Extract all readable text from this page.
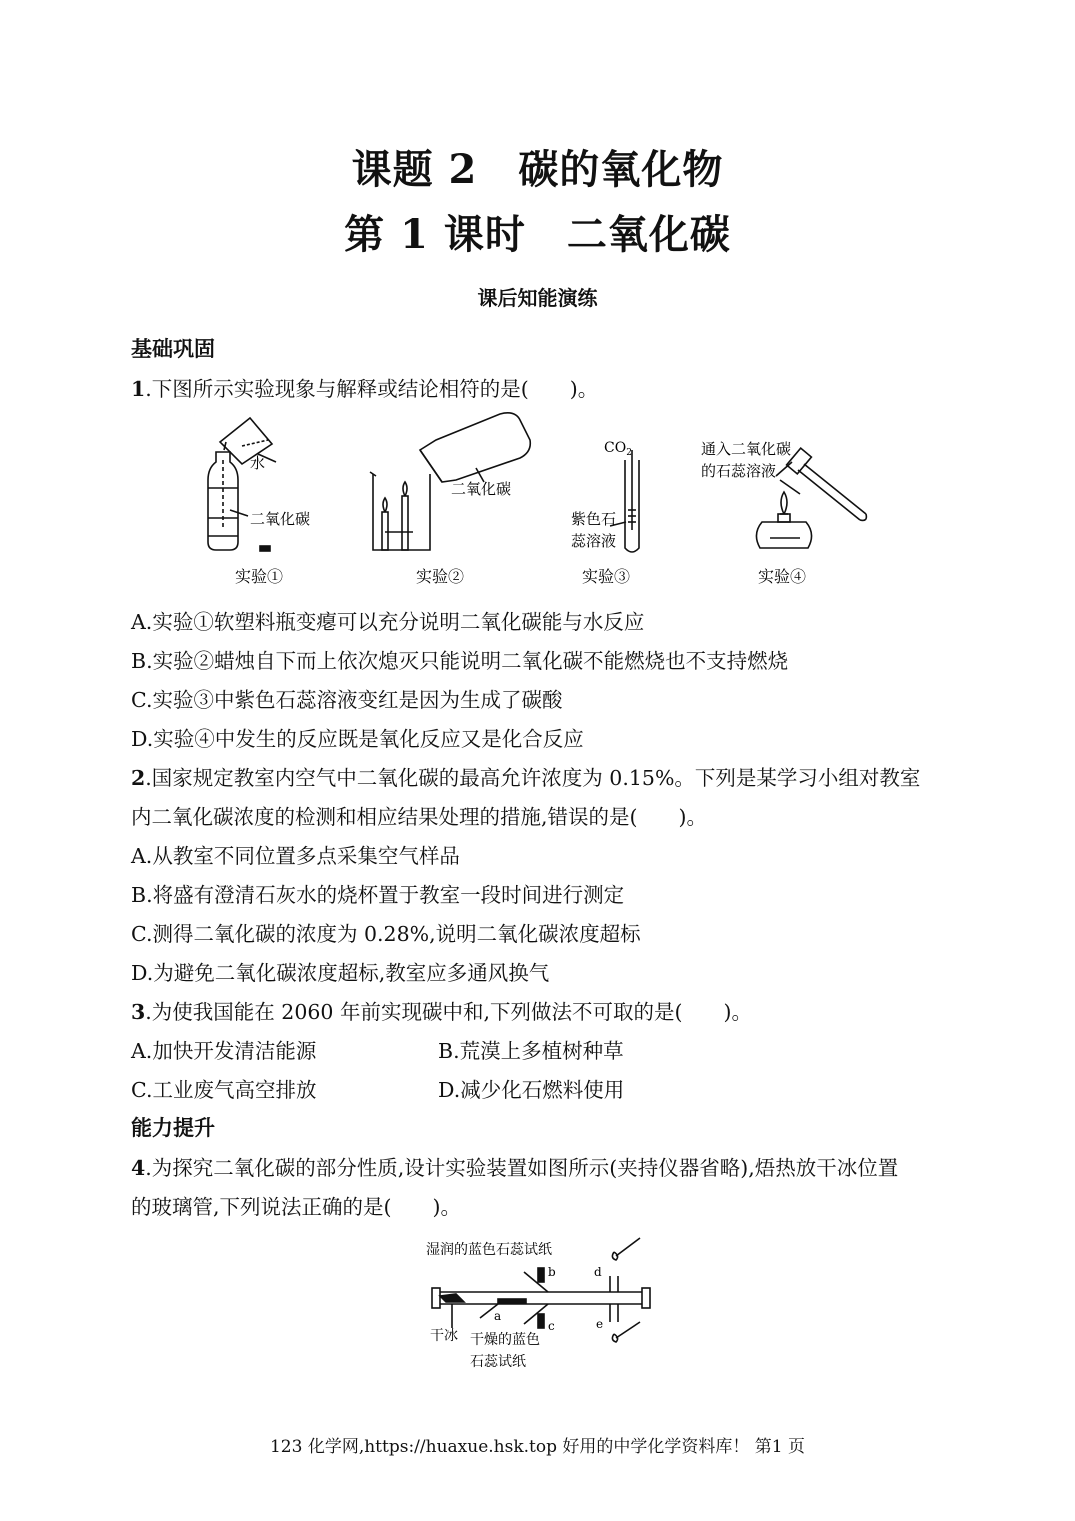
课题 2　碳的氧化物
第 1 课时　二氧化碳
课后知能演练
基础巩固
1.下图所示实验现象与解释或结论相符的是(　　)。
水
二氧化碳
二氧化碳
$CO_2$
紫色石
蕊溶液
通入二氧化碳
的石蕊溶液
实验①	实验②	实验③	实验④
A.实验①软塑料瓶变瘪可以充分说明二氧化碳能与水反应
B.实验②蜡烛自下而上依次熄灭只能说明二氧化碳不能燃烧也不支持燃烧
C.实验③中紫色石蕊溶液变红是因为生成了碳酸
D.实验④中发生的反应既是氧化反应又是化合反应
2.国家规定教室内空气中二氧化碳的最高允许浓度为 0.15%。下列是某学习小组对教室
内二氧化碳浓度的检测和相应结果处理的措施,错误的是(　　)。
A.从教室不同位置多点采集空气样品
B.将盛有澄清石灰水的烧杯置于教室一段时间进行测定
C.测得二氧化碳的浓度为 0.28%,说明二氧化碳浓度超标
D.为避免二氧化碳浓度超标,教室应多通风换气
3.为使我国能在 2060 年前实现碳中和,下列做法不可取的是(　　)。
A.加快开发清洁能源	B.荒漠上多植树种草
C.工业废气高空排放	D.减少化石燃料使用
能力提升
4.为探究二氧化碳的部分性质,设计实验装置如图所示(夹持仪器省略),焐热放干冰位置
的玻璃管,下列说法正确的是(　　)。
湿润的蓝色石蕊试纸
干冰 干燥的蓝色
石蕊试纸
a
b
c
d
e
123 化学网,https://huaxue.hsk.top 好用的中学化学资料库！ 第1 页
